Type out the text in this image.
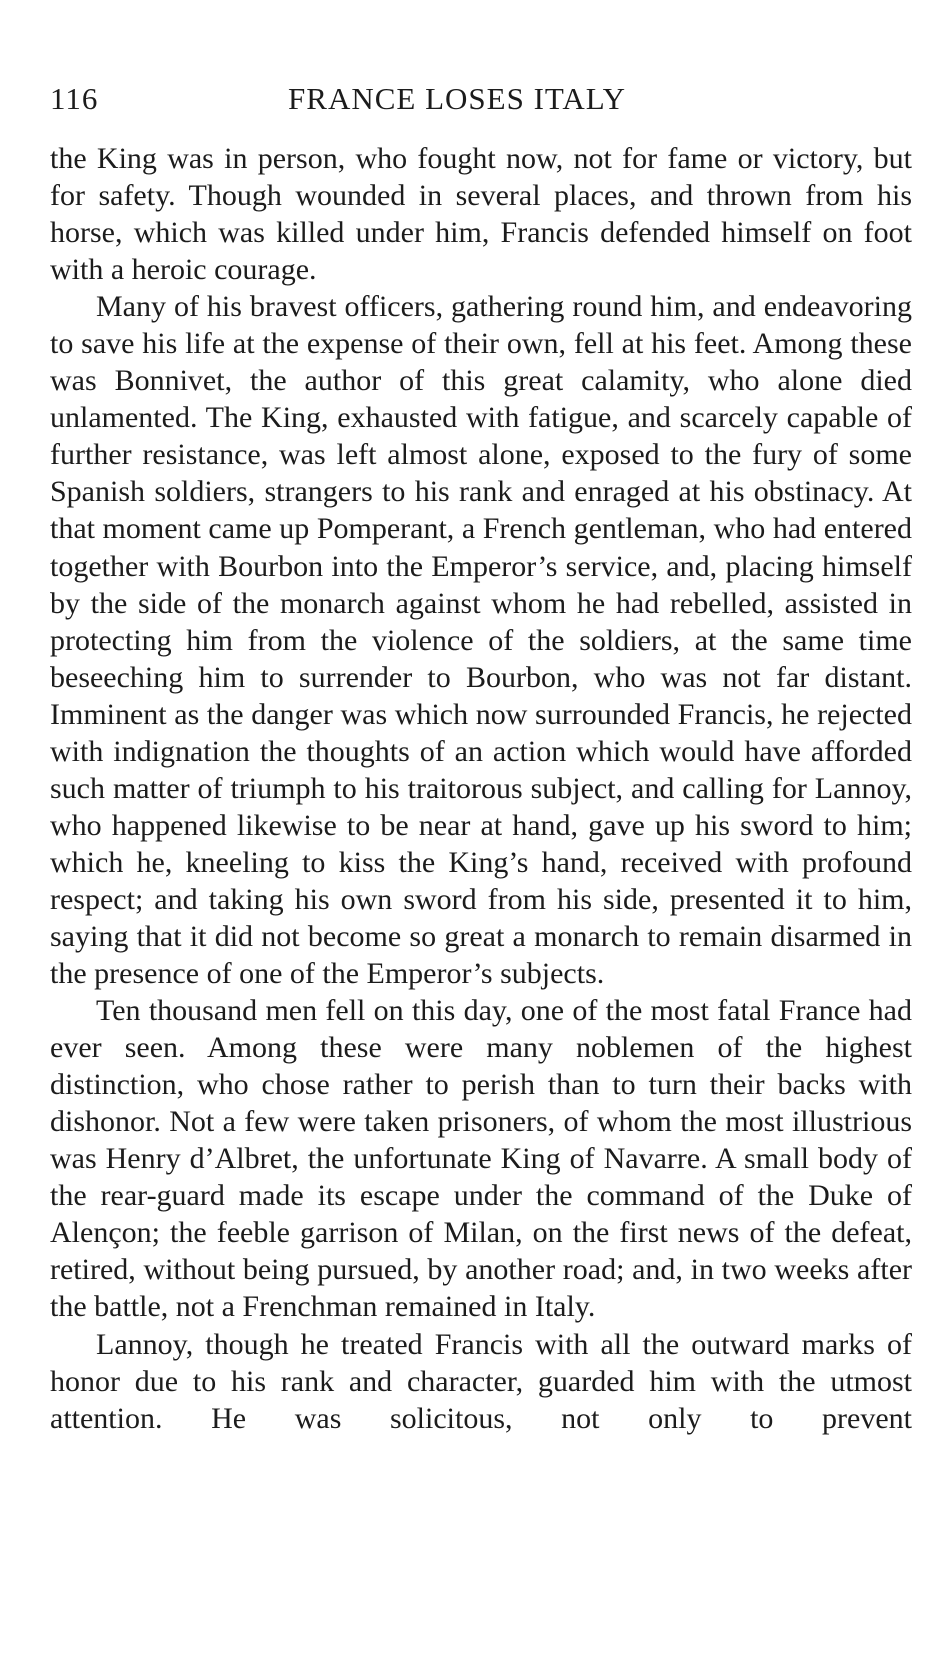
116	FRANCE LOSES ITALY

the King was in person, who fought now, not for fame or victory, but for safety. Though wounded in several places, and thrown from his horse, which was killed under him, Francis defended himself on foot with a heroic courage.

Many of his bravest officers, gathering round him, and endeavoring to save his life at the expense of their own, fell at his feet. Among these was Bonnivet, the author of this great calamity, who alone died unlamented. The King, exhausted with fatigue, and scarcely capable of further resistance, was left almost alone, exposed to the fury of some Spanish soldiers, strangers to his rank and enraged at his obstinacy. At that moment came up Pomperant, a French gentleman, who had entered together with Bourbon into the Emperor’s service, and, placing himself by the side of the monarch against whom he had rebelled, assisted in protecting him from the violence of the soldiers, at the same time beseeching him to surrender to Bourbon, who was not far distant. Imminent as the danger was which now surrounded Francis, he rejected with indignation the thoughts of an action which would have afforded such matter of triumph to his traitorous subject, and calling for Lannoy, who happened likewise to be near at hand, gave up his sword to him; which he, kneeling to kiss the King’s hand, received with profound respect; and taking his own sword from his side, presented it to him, saying that it did not become so great a monarch to remain disarmed in the presence of one of the Emperor’s subjects.

Ten thousand men fell on this day, one of the most fatal France had ever seen. Among these were many noblemen of the highest distinction, who chose rather to perish than to turn their backs with dishonor. Not a few were taken prisoners, of whom the most illustrious was Henry d’Albret, the unfortunate King of Navarre. A small body of the rear-guard made its escape under the command of the Duke of Alençon; the feeble garrison of Milan, on the first news of the defeat, retired, without being pursued, by another road; and, in two weeks after the battle, not a Frenchman remained in Italy.

Lannoy, though he treated Francis with all the outward marks of honor due to his rank and character, guarded him with the utmost attention. He was solicitous, not only to prevent
